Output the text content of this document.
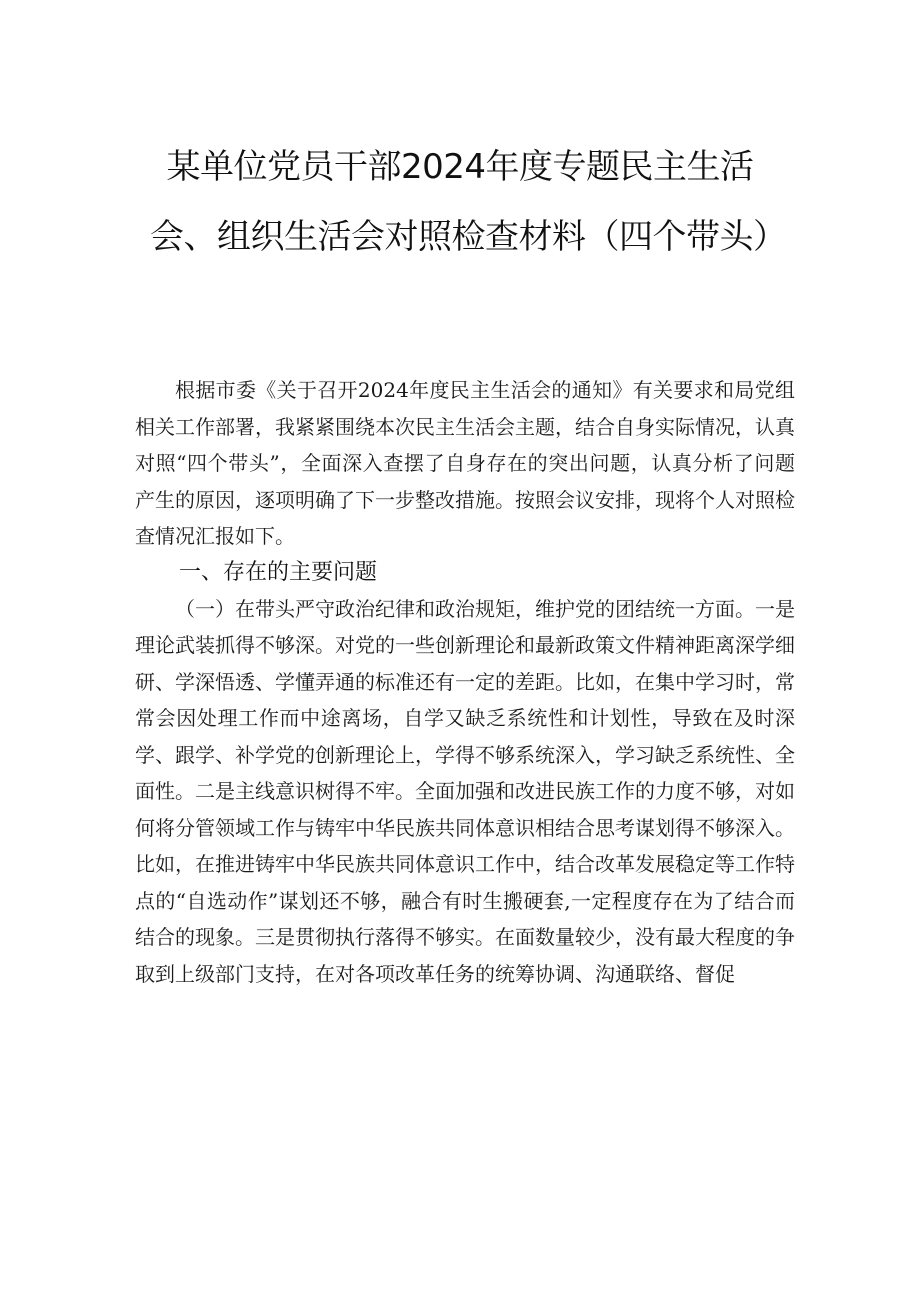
某单位党员干部2024年度专题民主生活会、组织生活会对照检查材料（四个带头）

根据市委《关于召开2024年度民主生活会的通知》有关要求和局党组相关工作部署，我紧紧围绕本次民主生活会主题，结合自身实际情况，认真对照“四个带头”，全面深入查摆了自身存在的突出问题，认真分析了问题产生的原因，逐项明确了下一步整改措施。按照会议安排，现将个人对照检查情况汇报如下。

一、存在的主要问题

（一）在带头严守政治纪律和政治规矩，维护党的团结统一方面。一是理论武装抓得不够深。对党的一些创新理论和最新政策文件精神距离深学细研、学深悟透、学懂弄通的标准还有一定的差距。比如，在集中学习时，常常会因处理工作而中途离场，自学又缺乏系统性和计划性，导致在及时深学、跟学、补学党的创新理论上，学得不够系统深入，学习缺乏系统性、全面性。二是主线意识树得不牢。全面加强和改进民族工作的力度不够，对如何将分管领域工作与铸牢中华民族共同体意识相结合思考谋划得不够深入。比如，在推进铸牢中华民族共同体意识工作中，结合改革发展稳定等工作特点的“自选动作”谋划还不够，融合有时生搬硬套,一定程度存在为了结合而结合的现象。三是贯彻执行落得不够实。在面数量较少，没有最大程度的争取到上级部门支持，在对各项改革任务的统筹协调、沟通联络、督促
